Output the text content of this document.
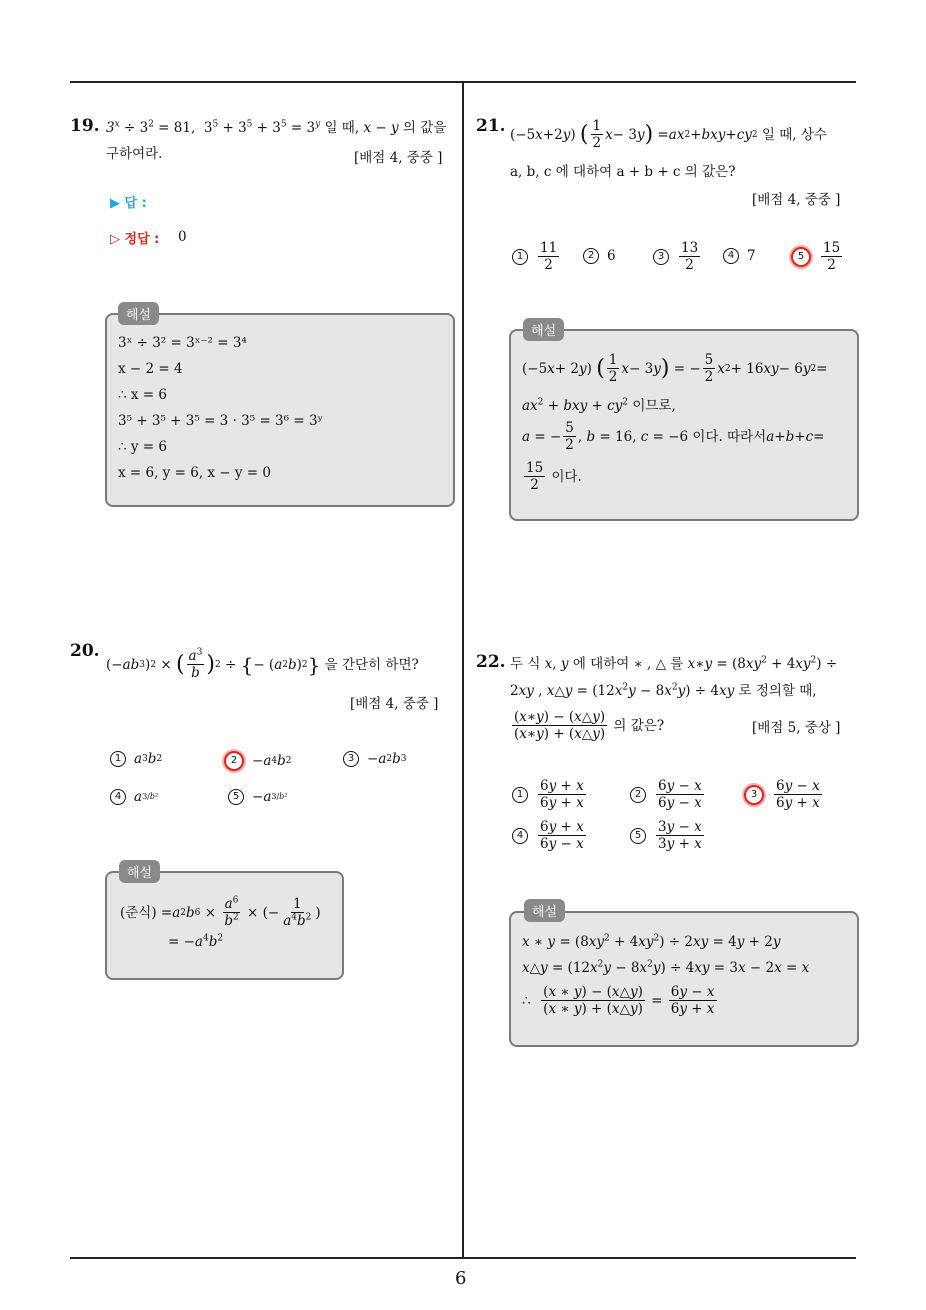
6
19. $3^x \div 3^2 = 81$,  $3^5 + 3^5 + 3^5 = 3^y$ 일 때, x − y 의 값을
구하여라.	[배점 4, 중중 ]
▶ 답 :
▷ 정답 : 0
해설
3ˣ ÷ 3² = 3ˣ⁻² = 3⁴
x − 2 = 4
∴ x = 6
3⁵ + 3⁵ + 3⁵ = 3 · 3⁵ = 3⁶ = 3ʸ
∴ y = 6
x = 6, y = 6, x − y = 0
21. (−5 x +2 y ) ( $\frac{1}{2}$ x − 3 y ) = ax 2 + bxy + cy 2 일 때, 상수
a, b, c 에 대하여 a + b + c 의 값은?
[배점 4, 중중 ]
1	$\frac{11}{2}$	2 6	3	$\frac{13}{2}$	4 7	5	$\frac{15}{2}$
해설
(−5 x + 2 y ) ( $\frac{1}{2}$ x − 3 y ) = − $\frac{5}{2}$ x 2 + 16 xy − 6 y 2 =
$ax^2$ + bxy + $cy^2$ 이므로,
a = − $\frac{5}{2}$ , b = 16, c = −6 이다. 따라서 a + b + c =
$\frac{15}{2}$ 이다.
20.
(− ab 3 ) 2 × ( $\frac{a^3}{b}$ ) 2 ÷ { − ( a 2 b ) 2 } 을 간단히 하면?
[배점 4, 중중 ]
1 a 3 b 2	2	− a 4 b 2	3 − a 2 b 3
4 a 3/b²	5 − a 3/b²
해설
(준식) = a 2 b $6 \times \frac{a^6}{b^2}$ × (− $\frac{1}{a^4b^2}$ )
= $-a^4b^2$
22. 두 식 x, y 에 대하여 ∗ , △ 를 x∗y = $(8xy^2 + 4xy^2)$ ÷
2xy , x△y = $(12x^2y - 8x^2y) \div 4xy$ 로 정의할 때,
$\frac{(x∗y) - (x\triangle y)}{(x∗y) + (x\triangle y)}$ 의 값은?	[배점 5, 중상 ]
1	$\frac{6y + x}{6y + x}$	2	$\frac{6y - x}{6y - x}$	3	$\frac{6y - x}{6y + x}$
4	$\frac{6y + x}{6y - x}$	5	$\frac{3y - x}{3y + x}$
해설
x ∗ $y = (8xy^2 + 4xy^2) \div 2xy = 4y + 2y$
x△y = $(12x^2y - 8x^2y) \div 4xy = 3x - 2x = x$
∴ $\frac{(x ∗ y) - (x\triangle y)}{(x ∗ y) + (x\triangle y)} = \frac{6y - x}{6y + x}$
